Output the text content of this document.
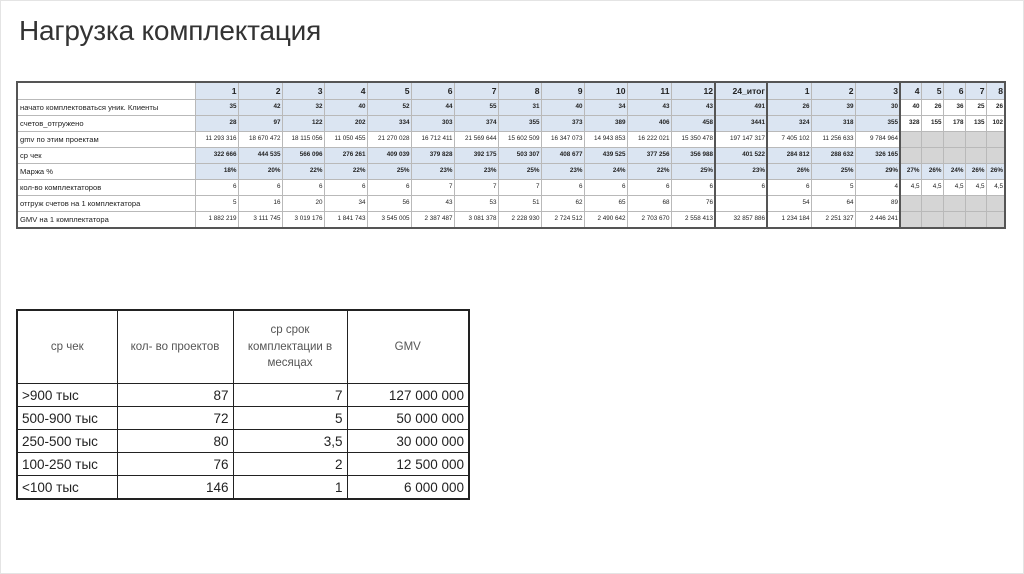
Нагрузка комплектация
	1	2	3	4	5	6	7	8	9	10	11	12	24_итог	1	2	3	4	5	6	7	8
начато комплектоваться уник. Клиенты	35	42	32	40	52	44	55	31	40	34	43	43	491	26	39	30	40	26	36	25	26
счетов_отгружено	28	97	122	202	334	303	374	355	373	389	406	458	3441	324	318	355	328	155	178	135	102
gmv по этим проектам	11 293 316	18 670 472	18 115 056	11 050 455	21 270 028	16 712 411	21 569 644	15 602 509	16 347 073	14 943 853	16 222 021	15 350 478	197 147 317	7 405 102	11 256 633	9 784 964					
ср чек	322 666	444 535	566 096	276 261	409 039	379 828	392 175	503 307	408 677	439 525	377 256	356 988	401 522	284 812	288 632	326 165					
Маржа %	18%	20%	22%	22%	25%	23%	23%	25%	23%	24%	22%	25%	23%	26%	25%	29%	27%	26%	24%	26%	26%
кол-во комплектаторов	6	6	6	6	6	7	7	7	6	6	6	6	6	6	5	4	4,5	4,5	4,5	4,5	4,5
отгруж счетов на 1 комплектатора	5	16	20	34	56	43	53	51	62	65	68	76		54	64	89					
GMV на 1 комплектатора	1 882 219	3 111 745	3 019 176	1 841 743	3 545 005	2 387 487	3 081 378	2 228 930	2 724 512	2 490 642	2 703 670	2 558 413	32 857 886	1 234 184	2 251 327	2 446 241					
ср чек	кол- во проектов	ср срок комплектации в месяцах	GMV
>900 тыс	87	7	127 000 000
500-900 тыс	72	5	50 000 000
250-500 тыс	80	3,5	30 000 000
100-250 тыс	76	2	12 500 000
<100 тыс	146	1	6 000 000
